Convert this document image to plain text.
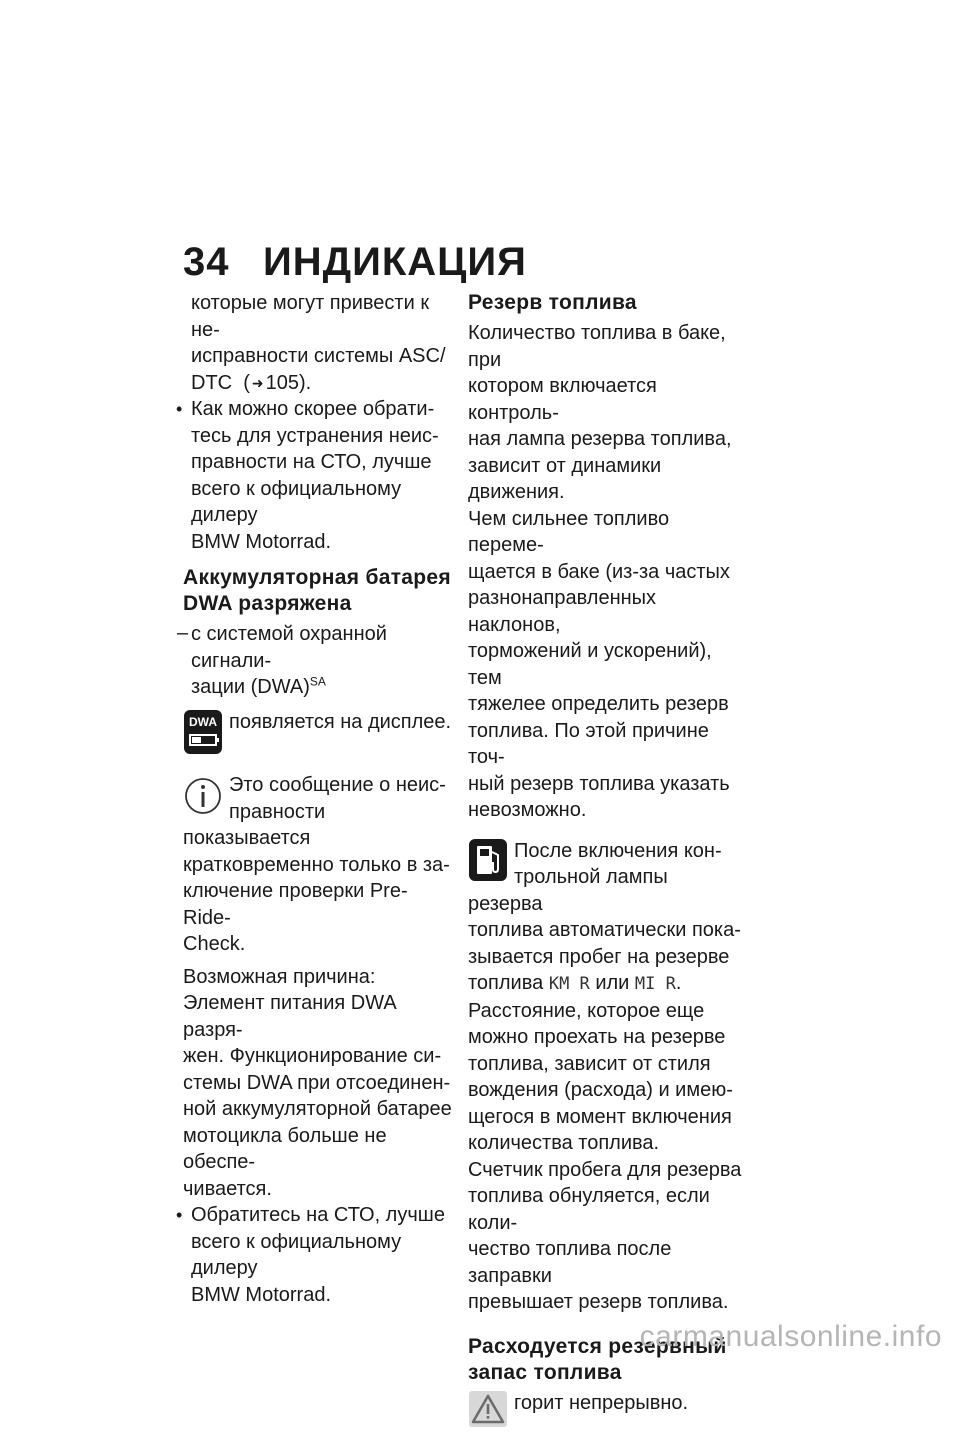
34 ИНДИКАЦИЯ

которые могут привести к не-

исправности системы ASC/

DTC ( ➜ 105).

• Как можно скорее обрати-

тесь для устранения неис-

правности на СТО, лучше

всего к официальному дилеру

BMW Motorrad.

Аккумуляторная батарея
DWA разряжена

– с системой охранной сигнали-

зации (DWA)$^{SA}$

DWA появляется на дисплее.

Это сообщение о неис-

правности показывается

кратковременно только в за-

ключение проверки Pre-Ride-

Check.

Возможная причина:

Элемент питания DWA разря-

жен. Функционирование си-

стемы DWA при отсоединен-

ной аккумуляторной батарее

мотоцикла больше не обеспе-

чивается.

• Обратитесь на СТО, лучше

всего к официальному дилеру

BMW Motorrad.

Резерв топлива

Количество топлива в баке, при

котором включается контроль-

ная лампа резерва топлива,

зависит от динамики движения.

Чем сильнее топливо переме-

щается в баке (из-за частых

разнонаправленных наклонов,

торможений и ускорений), тем

тяжелее определить резерв

топлива. По этой причине точ-

ный резерв топлива указать

невозможно.

После включения кон-

трольной лампы резерва

топлива автоматически пока-

зывается пробег на резерве

топлива KM R или MI R.

Расстояние, которое еще

можно проехать на резерве

топлива, зависит от стиля

вождения (расхода) и имею-

щегося в момент включения

количества топлива.

Счетчик пробега для резерва

топлива обнуляется, если коли-

чество топлива после заправки

превышает резерв топлива.

Расходуется резервный
запас топлива

горит непрерывно.

carmanualsonline.info
